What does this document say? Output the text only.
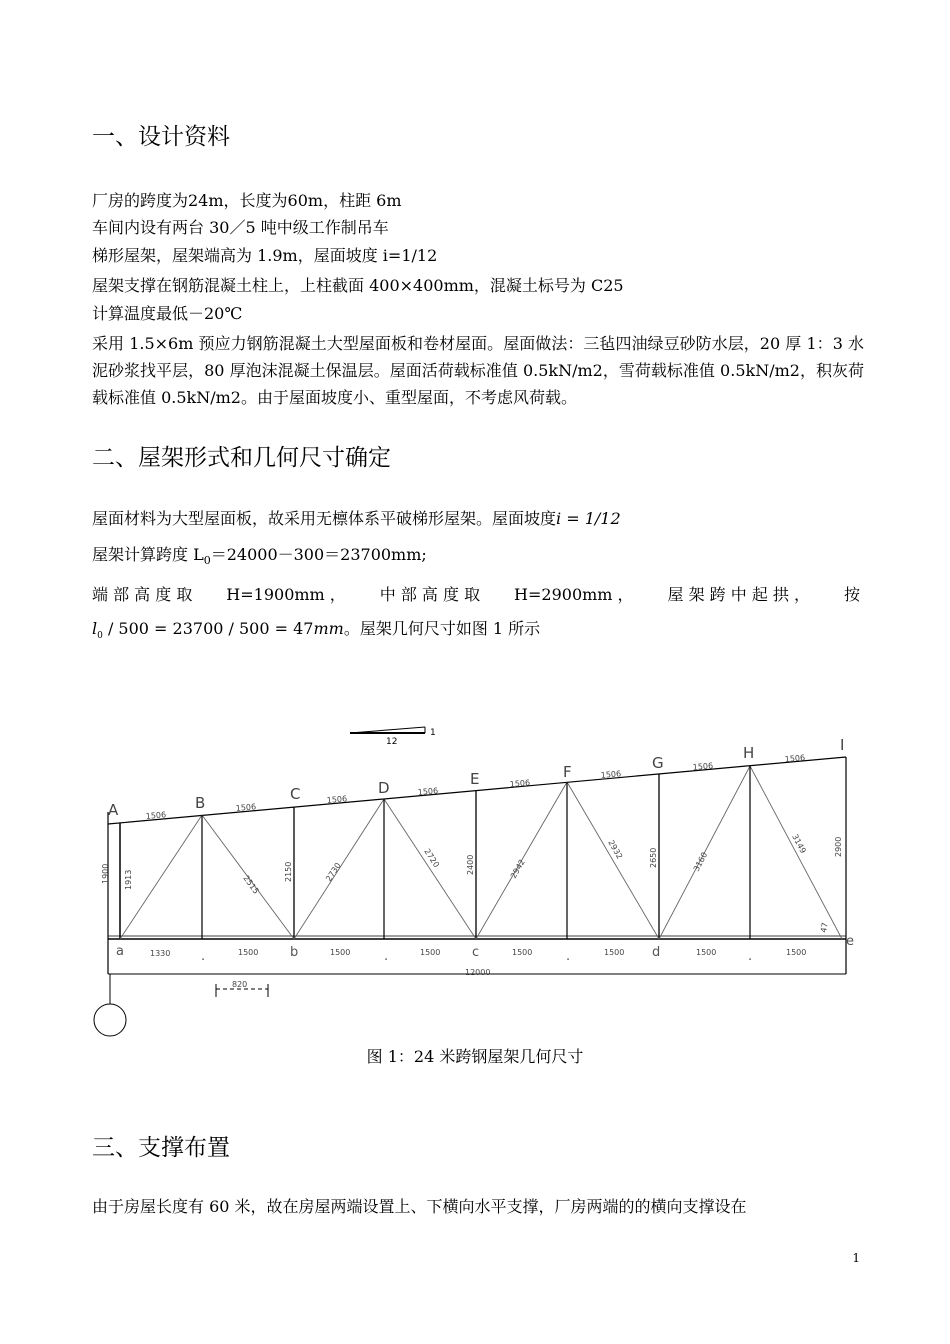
一、设计资料

厂房的跨度为24m，长度为60m，柱距 6m

车间内设有两台 30／5 吨中级工作制吊车

梯形屋架，屋架端高为 1.9m，屋面坡度 i=1/12

屋架支撑在钢筋混凝土柱上，上柱截面 400×400mm，混凝土标号为 C25

计算温度最低－20℃

采用 1.5×6m 预应力钢筋混凝土大型屋面板和卷材屋面。屋面做法：三毡四油绿豆砂防水层，20 厚 1：3 水泥砂浆找平层，80 厚泡沫混凝土保温层。屋面活荷载标准值 0.5kN/m2，雪荷载标准值 0.5kN/m2，积灰荷载标准值 0.5kN/m2。由于屋面坡度小、重型屋面，不考虑风荷载。

二、屋架形式和几何尺寸确定

屋面材料为大型屋面板，故采用无檩体系平破梯形屋架。屋面坡度i = 1/12

屋架计算跨度 $L_0=24000-300=23700mm$;

端 部 高 度 取 H=1900mm ， 中 部 高 度 取 H=2900mm ， 屋 架 跨 中 起 拱 ， 按

$l_0 / 500 = 23700 / 500 = 47mm$。屋架几何尺寸如图 1 所示

12
1
A	B	C	D	E	F	G
H	I
a	.	b	.	c	.	d	.
e
1506
1506
1506
1506
1506
1506
1506
1506
1330	1500	1500	1500	1500	1500	1500	1500
1900 1913	2150	2400	2650
2900
2515
2730
2720	2942
2932
3160
3149
47
12000
820
图 1：24 米跨钢屋架几何尺寸
三、支撑布置

由于房屋长度有 60 米，故在房屋两端设置上、下横向水平支撑，厂房两端的的横向支撑设在

1
